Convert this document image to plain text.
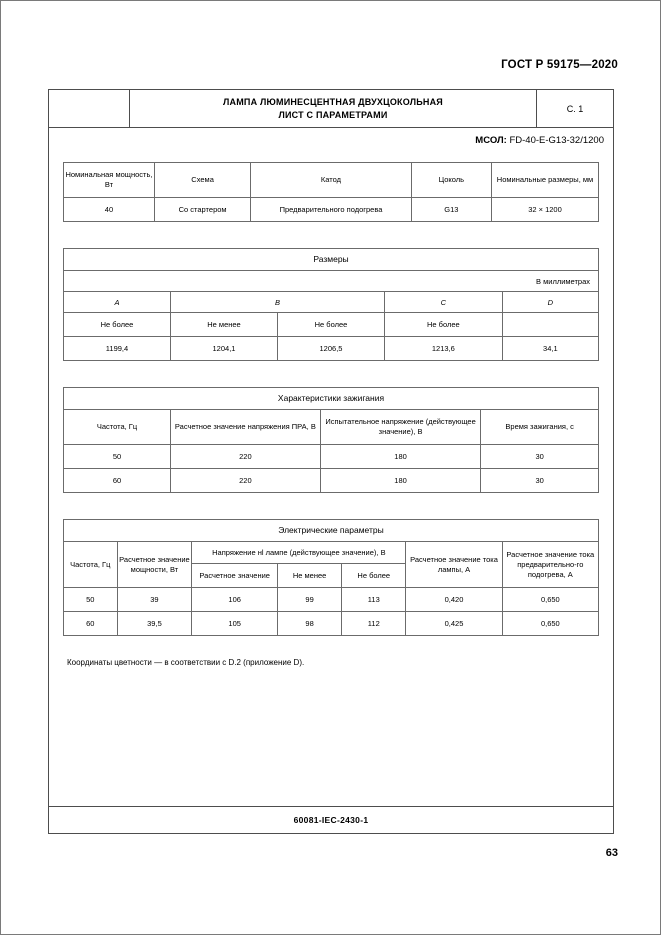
ГОСТ Р 59175—2020
ЛАМПА ЛЮМИНЕСЦЕНТНАЯ ДВУХЦОКОЛЬНАЯ
ЛИСТ С ПАРАМЕТРАМИ
С. 1
МСОЛ: FD-40-E-G13-32/1200
Номинальная мощность, Вт	Схема	Катод	Цоколь	Номинальные размеры, мм
40	Со стартером	Предварительного подогрева	G13	32 × 1200
Размеры				
В миллиметрах				
A	B		C	D
Не более	Не менее	Не более	Не более	
1199,4	1204,1	1206,5	1213,6	34,1
Характеристики зажигания			
Частота, Гц	Расчетное значение напряжения ПРА, В	Испытательное напряжение (действующее значение), В	Время зажигания, с
50	220	180	30
60	220	180	30
Электрические параметры						
Частота, Гц	Расчетное значение мощности, Вт	Напряжение нl лампе (действующее значение), В			Расчетное значение тока лампы, А	Расчетное значение тока предварительно-го подогрева, А
		Расчетное значение	Не менее	Не более		
50	39	106	99	113	0,420	0,650
60	39,5	105	98	112	0,425	0,650
Координаты цветности — в соответствии с D.2 (приложение D).
60081-IEC-2430-1
63
